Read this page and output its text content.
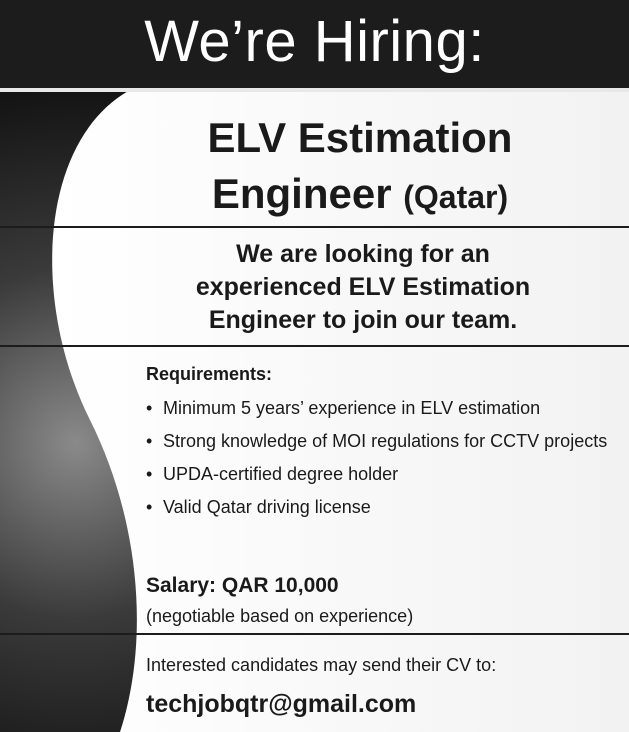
We’re Hiring:
ELV Estimation
Engineer (Qatar)
We are looking for an
experienced ELV Estimation
Engineer to join our team.
Requirements:
• Minimum 5 years’ experience in ELV estimation
• Strong knowledge of MOI regulations for CCTV projects
• UPDA-certified degree holder
• Valid Qatar driving license
Salary: QAR 10,000
(negotiable based on experience)
Interested candidates may send their CV to:
techjobqtr@gmail.com
